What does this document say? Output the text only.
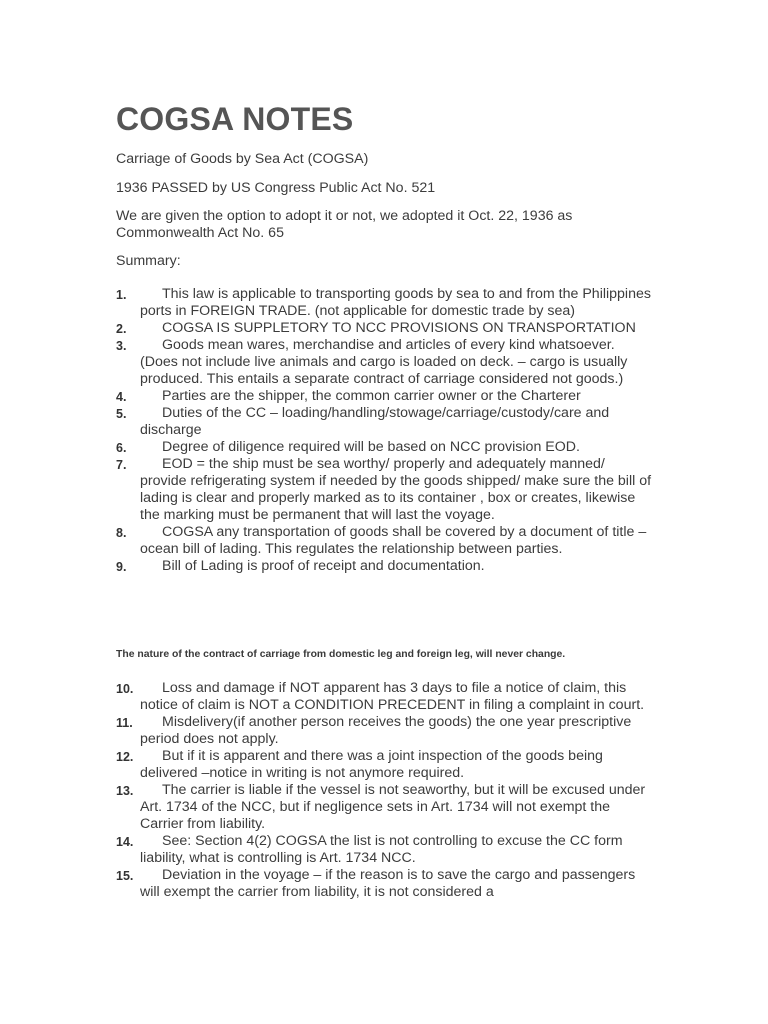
COGSA NOTES

Carriage of Goods by Sea Act (COGSA)

1936 PASSED by US Congress Public Act No. 521

We are given the option to adopt it or not, we adopted it Oct. 22, 1936 as Commonwealth Act No. 65

Summary:

1.	This law is applicable to transporting goods by sea to and from the Philippines ports in FOREIGN TRADE. (not applicable for domestic trade by sea)
2.	COGSA IS SUPPLETORY TO NCC PROVISIONS ON TRANSPORTATION
3.	Goods mean wares, merchandise and articles of every kind whatsoever. (Does not include live animals and cargo is loaded on deck. – cargo is usually produced. This entails a separate contract of carriage considered not goods.)
4.	Parties are the shipper, the common carrier owner or the Charterer
5.	Duties of the CC – loading/handling/stowage/carriage/custody/care and discharge
6.	Degree of diligence required will be based on NCC provision EOD.
7.	EOD = the ship must be sea worthy/ properly and adequately manned/ provide refrigerating system if needed by the goods shipped/ make sure the bill of lading is clear and properly marked as to its container , box or creates, likewise the marking must be permanent that will last the voyage.
8.	COGSA any transportation of goods shall be covered by a document of title –ocean bill of lading. This regulates the relationship between parties.
9.	Bill of Lading is proof of receipt and documentation.

The nature of the contract of carriage from domestic leg and foreign leg, will never change.

10.	Loss and damage if NOT apparent has 3 days to file a notice of claim, this notice of claim is NOT a CONDITION PRECEDENT in filing a complaint in court.
11.	Misdelivery(if another person receives the goods) the one year prescriptive period does not apply.
12.	But if it is apparent and there was a joint inspection of the goods being delivered –notice in writing is not anymore required.
13.	The carrier is liable if the vessel is not seaworthy, but it will be excused under Art. 1734 of the NCC, but if negligence sets in Art. 1734 will not exempt the Carrier from liability.
14.	See: Section 4(2) COGSA the list is not controlling to excuse the CC form liability, what is controlling is Art. 1734 NCC.
15.	Deviation in the voyage – if the reason is to save the cargo and passengers will exempt the carrier from liability, it is not considered a
